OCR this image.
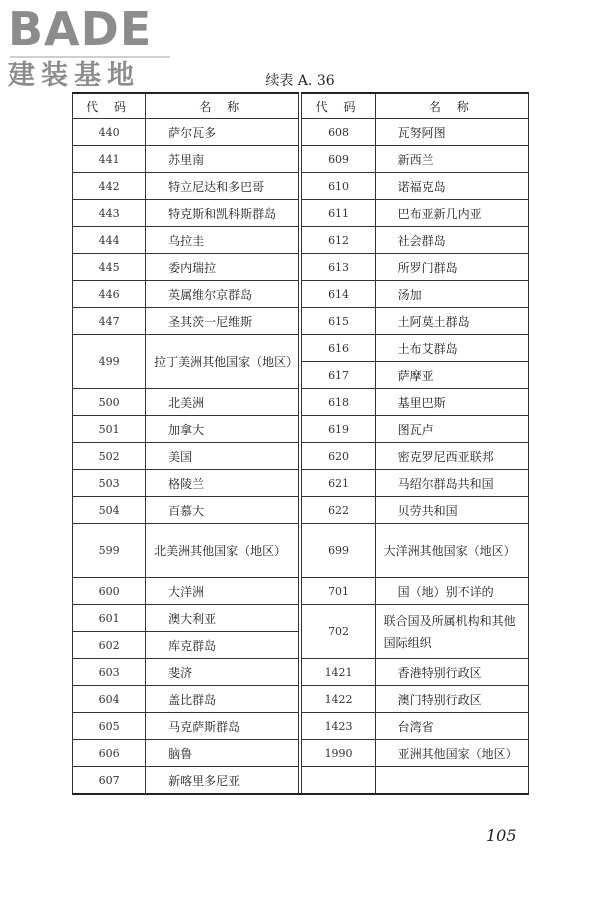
BADE
建装基地	续表 A. 36
代 码	名 称		代 码	名 称
440	萨尔瓦多		608	瓦努阿图
441	苏里南		609	新西兰
442	特立尼达和多巴哥		610	诺福克岛
443	特克斯和凯科斯群岛		611	巴布亚新几内亚
444	乌拉圭		612	社会群岛
445	委内瑞拉		613	所罗门群岛
446	英属维尔京群岛		614	汤加
447	圣其茨一尼维斯		615	土阿莫土群岛
499	拉丁美洲其他国家（地区）		616	土布艾群岛
			617	萨摩亚
500	北美洲		618	基里巴斯
501	加拿大		619	图瓦卢
502	美国		620	密克罗尼西亚联邦
503	格陵兰		621	马绍尔群岛共和国
504	百慕大		622	贝劳共和国
599	北美洲其他国家（地区）		699	大洋洲其他国家（地区）
600	大洋洲		701	国（地）别不详的
601	澳大利亚		702	联合国及所属机构和其他国际组织
602	库克群岛			
603	斐济		1421	香港特别行政区
604	盖比群岛		1422	澳门特别行政区
605	马克萨斯群岛		1423	台湾省
606	脑鲁		1990	亚洲其他国家（地区）
607	新喀里多尼亚			
105
